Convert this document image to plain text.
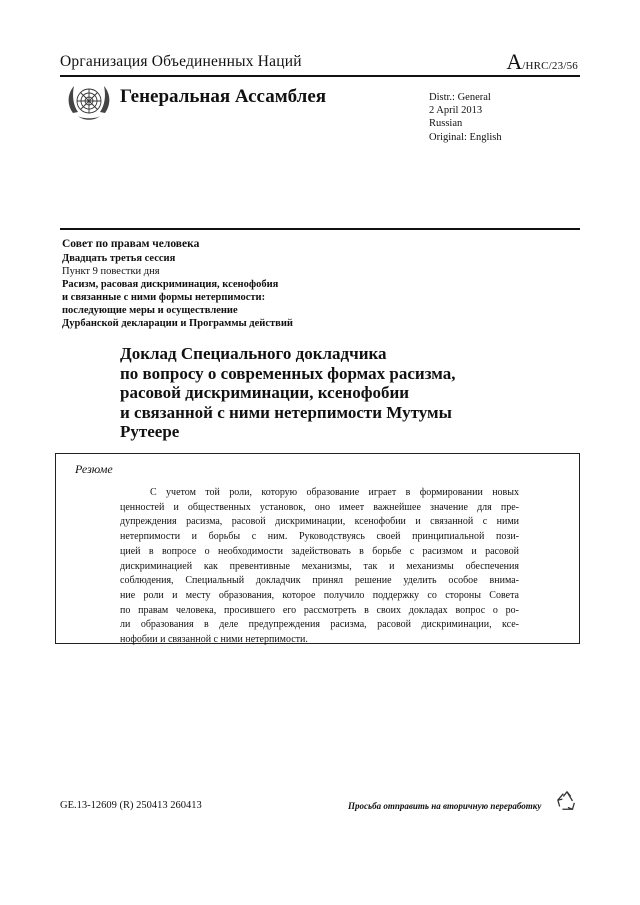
Организация Объединенных Наций	A/HRC/23/56
Генеральная Ассамблея	Distr.: General
2 April 2013
Russian
Original: English
Совет по правам человека
Двадцать третья сессия
Пункт 9 повестки дня
Расизм, расовая дискриминация, ксенофобия
и связанные с ними формы нетерпимости:
последующие меры и осуществление
Дурбанской декларации и Программы действий
Доклад Специального докладчика
по вопросу о современных формах расизма,
расовой дискриминации, ксенофобии
и связанной с ними нетерпимости Мутумы
Рутеере
Резюме
С учетом той роли, которую образование играет в формировании новых
ценностей и общественных установок, оно имеет важнейшее значение для пре-
дупреждения расизма, расовой дискриминации, ксенофобии и связанной с ними
нетерпимости и борьбы с ним. Руководствуясь своей принципиальной пози-
цией в вопросе о необходимости задействовать в борьбе с расизмом и расовой
дискриминацией как превентивные механизмы, так и механизмы обеспечения
соблюдения, Специальный докладчик принял решение уделить особое внима-
ние роли и месту образования, которое получило поддержку со стороны Совета
по правам человека, просившего его рассмотреть в своих докладах вопрос о ро-
ли образования в деле предупреждения расизма, расовой дискриминации, ксе-
нофобии и связанной с ними нетерпимости.
GE.13-12609 (R) 250413 260413	Просьба отправить на вторичную переработку
